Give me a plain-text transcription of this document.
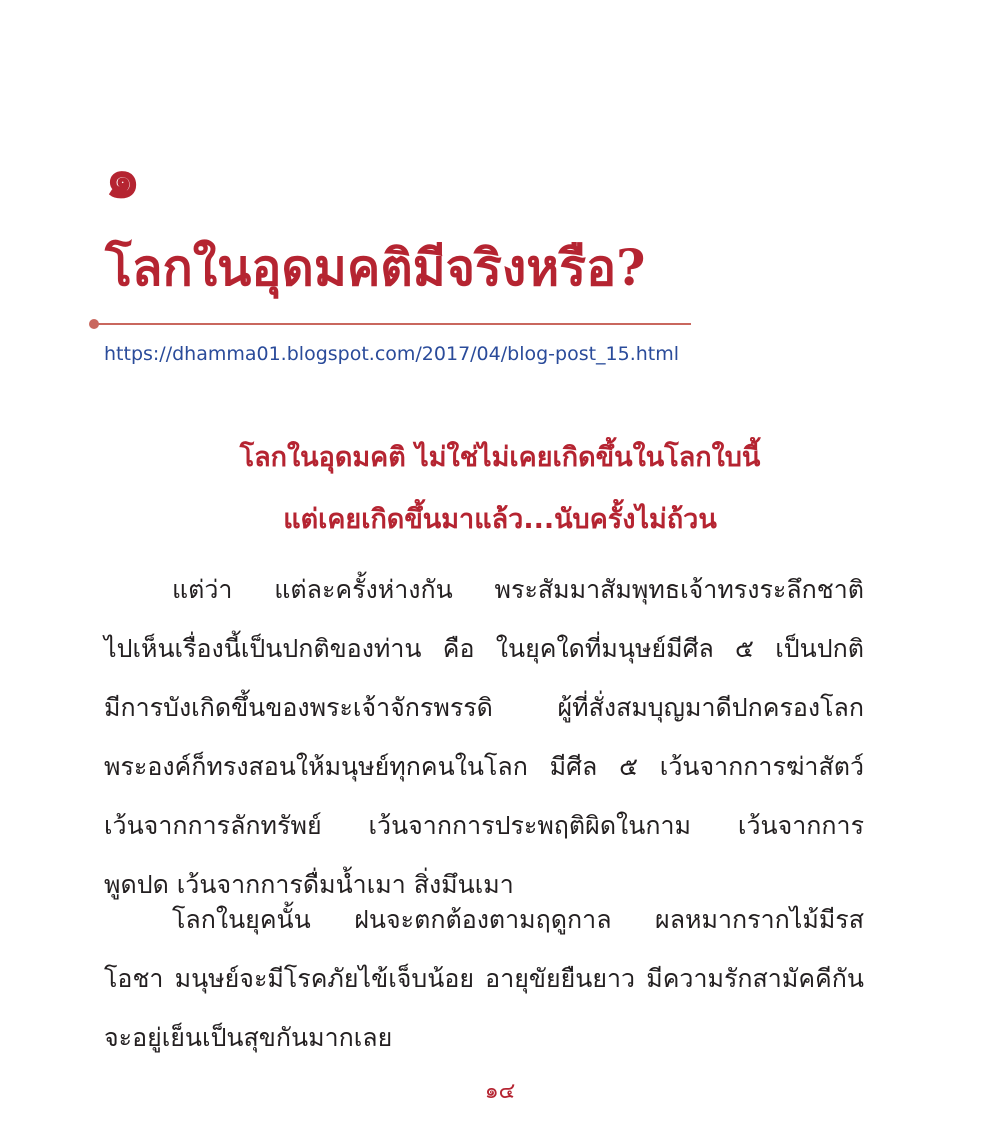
๑
โลกในอุดมคติมีจริงหรือ?
https://dhamma01.blogspot.com/2017/04/blog-post_15.html
โลกในอุดมคติ ไม่ใช่ไม่เคยเกิดขึ้นในโลกใบนี้
แต่เคยเกิดขึ้นมาแล้ว...นับครั้งไม่ถ้วน
แต่ว่า แต่ละครั้งห่างกัน พระสัมมาสัมพุทธเจ้าทรงระลึกชาติ
ไปเห็นเรื่องนี้เป็นปกติของท่าน คือ ในยุคใดที่มนุษย์มีศีล ๕ เป็นปกติ
มีการบังเกิดขึ้นของพระเจ้าจักรพรรดิ ผู้ที่สั่งสมบุญมาดีปกครองโลก
พระองค์ก็ทรงสอนให้มนุษย์ทุกคนในโลก มีศีล ๕ เว้นจากการฆ่าสัตว์
เว้นจากการลักทรัพย์ เว้นจากการประพฤติผิดในกาม เว้นจากการ
พูดปด เว้นจากการดื่มน้ำเมา สิ่งมึนเมา
โลกในยุคนั้น ฝนจะตกต้องตามฤดูกาล ผลหมากรากไม้มีรส
โอชา มนุษย์จะมีโรคภัยไข้เจ็บน้อย อายุขัยยืนยาว มีความรักสามัคคีกัน
จะอยู่เย็นเป็นสุขกันมากเลย
๑๔
